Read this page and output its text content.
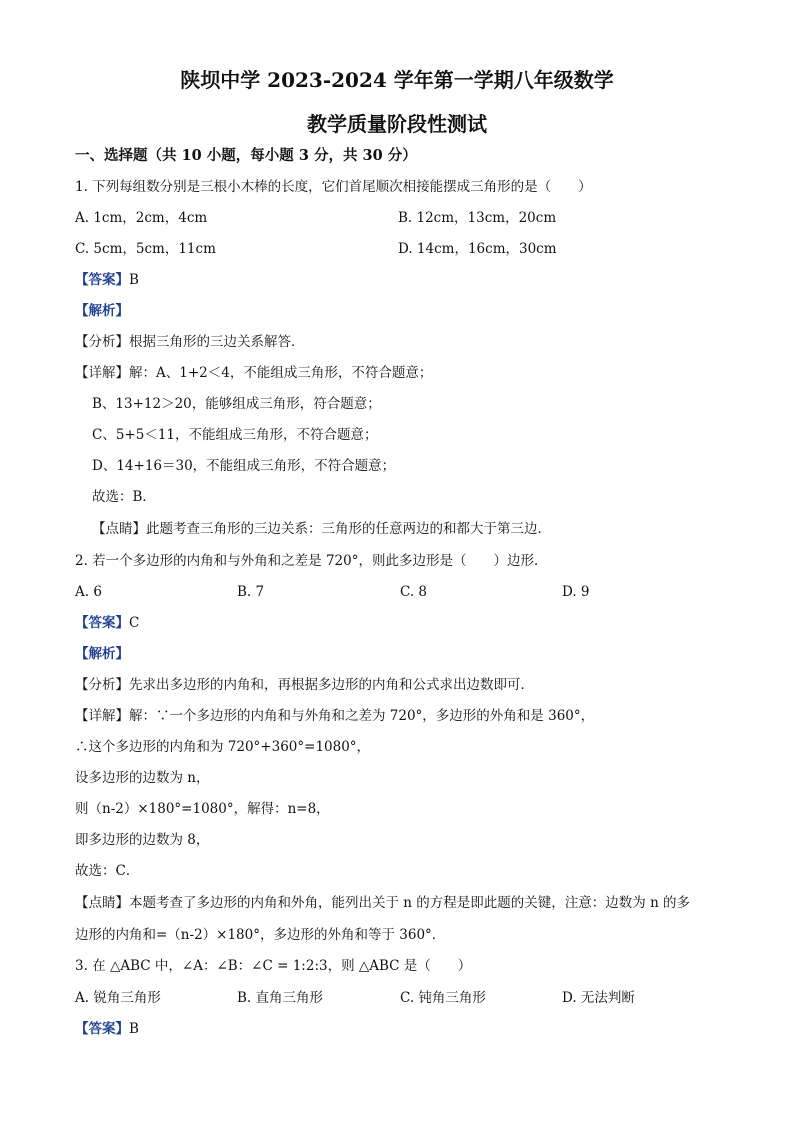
陕坝中学 2023-2024 学年第一学期八年级数学
教学质量阶段性测试
一、选择题（共 10 小题，每小题 3 分，共 30 分）
1. 下列每组数分别是三根小木棒的长度，它们首尾顺次相接能摆成三角形的是（　　）
A. 1cm，2cm，4cm	B. 12cm，13cm，20cm
C. 5cm，5cm，11cm	D. 14cm，16cm，30cm
【答案】B
【解析】
【分析】根据三角形的三边关系解答．
【详解】解：A、1+2＜4，不能组成三角形，不符合题意；
B、13+12＞20，能够组成三角形，符合题意；
C、5+5＜11，不能组成三角形，不符合题意；
D、14+16＝30，不能组成三角形，不符合题意；
故选：B．
【点睛】此题考查三角形的三边关系：三角形的任意两边的和都大于第三边．
2. 若一个多边形的内角和与外角和之差是 720°，则此多边形是（　　）边形．
A. 6	B. 7	C. 8	D. 9
【答案】C
【解析】
【分析】先求出多边形的内角和，再根据多边形的内角和公式求出边数即可．
【详解】解：∵一个多边形的内角和与外角和之差为 720°，多边形的外角和是 360°，
∴这个多边形的内角和为 720°+360°=1080°，
设多边形的边数为 n，
则（n-2）×180°=1080°，解得：n=8，
即多边形的边数为 8，
故选：C．
【点睛】本题考查了多边形的内角和外角，能列出关于 n 的方程是即此题的关键，注意：边数为 n 的多
边形的内角和=（n-2）×180°，多边形的外角和等于 360°．
3. 在 △ABC 中，∠A：∠B：∠C = 1:2:3，则 △ABC 是（　　）
A. 锐角三角形	B. 直角三角形	C. 钝角三角形	D. 无法判断
【答案】B
